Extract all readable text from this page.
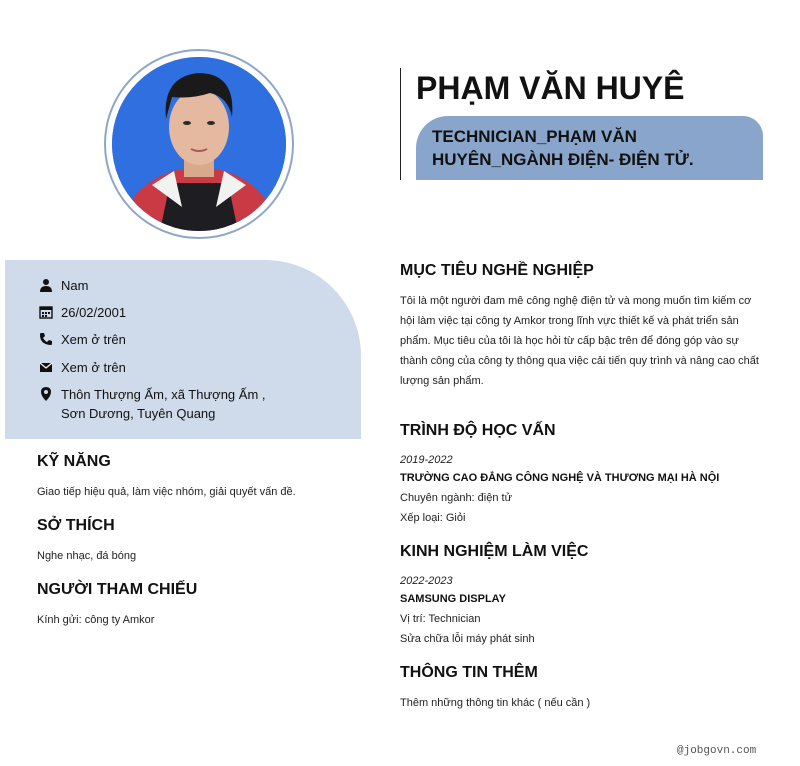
PHẠM VĂN HUYÊ
TECHNICIAN_PHẠM VĂN HUYÊN_NGÀNH ĐIỆN- ĐIỆN TỬ.
Nam
26/02/2001
Xem ở trên
Xem ở trên
Thôn Thượng Ấm, xã Thượng Ấm , Sơn Dương, Tuyên Quang
KỸ NĂNG
Giao tiếp hiệu quả, làm việc nhóm, giải quyết vấn đề.
SỞ THÍCH
Nghe nhạc, đá bóng
NGƯỜI THAM CHIẾU
Kính gửi: công ty Amkor
MỤC TIÊU NGHỀ NGHIỆP
Tôi là một người đam mê công nghệ điện tử và mong muốn tìm kiếm cơ hội làm việc tại công ty Amkor trong lĩnh vực thiết kế và phát triển sản phẩm. Mục tiêu của tôi là học hỏi từ cấp bậc trên để đóng góp vào sự thành công của công ty thông qua việc cải tiến quy trình và nâng cao chất lượng sản phẩm.
TRÌNH ĐỘ HỌC VẤN
2019-2022
TRƯỜNG CAO ĐẲNG CÔNG NGHỆ VÀ THƯƠNG MẠI HÀ NỘI
Chuyên ngành: điện tử
Xếp loại: Giỏi
KINH NGHIỆM LÀM VIỆC
2022-2023
SAMSUNG DISPLAY
Vị trí: Technician
Sửa chữa lỗi máy phát sinh
THÔNG TIN THÊM
Thêm những thông tin khác ( nếu cần )
@jobgovn.com
